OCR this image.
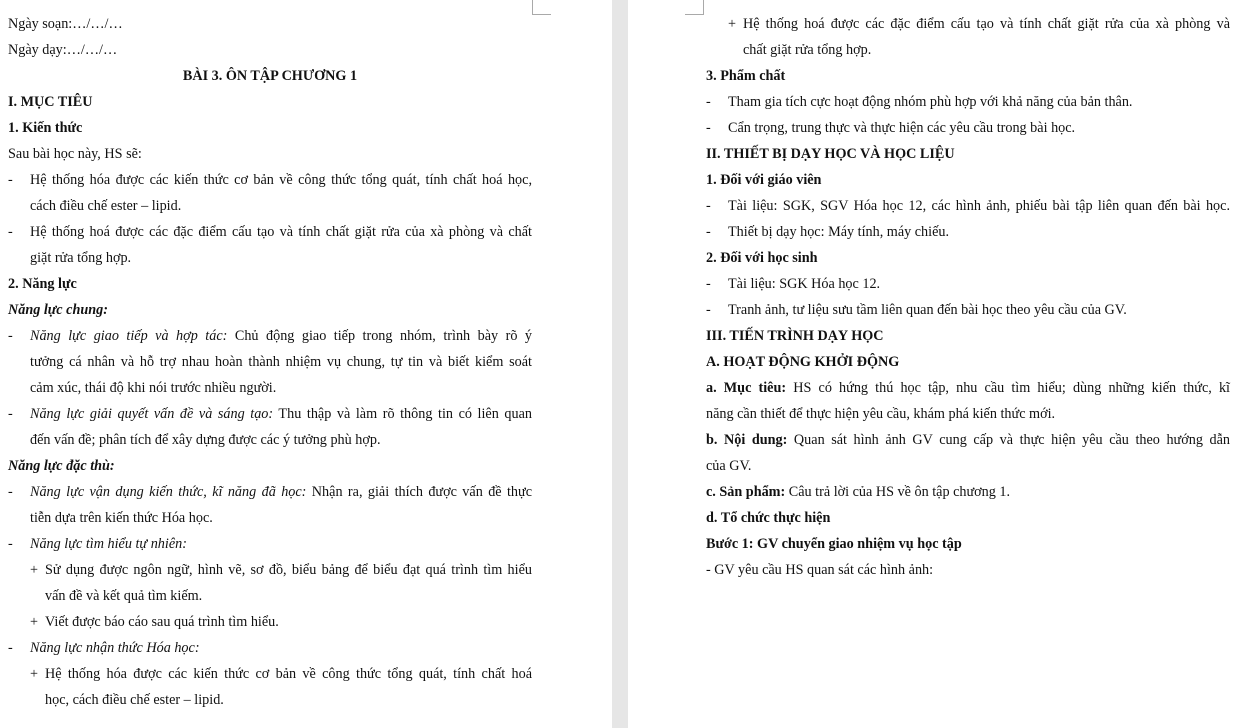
Ngày soạn:…/…/…
Ngày dạy:…/…/…
BÀI 3. ÔN TẬP CHƯƠNG 1
I. MỤC TIÊU
1. Kiến thức
Sau bài học này, HS sẽ:
- Hệ thống hóa được các kiến thức cơ bản về công thức tổng quát, tính chất hoá học,
cách điều chế ester – lipid.
- Hệ thống hoá được các đặc điểm cấu tạo và tính chất giặt rửa của xà phòng và chất
giặt rửa tổng hợp.
2. Năng lực
Năng lực chung:
- Năng lực giao tiếp và hợp tác: Chủ động giao tiếp trong nhóm, trình bày rõ ý
tưởng cá nhân và hỗ trợ nhau hoàn thành nhiệm vụ chung, tự tin và biết kiểm soát
cảm xúc, thái độ khi nói trước nhiều người.
- Năng lực giải quyết vấn đề và sáng tạo: Thu thập và làm rõ thông tin có liên quan
đến vấn đề; phân tích để xây dựng được các ý tưởng phù hợp.
Năng lực đặc thù:
- Năng lực vận dụng kiến thức, kĩ năng đã học: Nhận ra, giải thích được vấn đề thực
tiễn dựa trên kiến thức Hóa học.
- Năng lực tìm hiểu tự nhiên:
+ Sử dụng được ngôn ngữ, hình vẽ, sơ đồ, biểu bảng để biểu đạt quá trình tìm hiểu
vấn đề và kết quả tìm kiếm.
+ Viết được báo cáo sau quá trình tìm hiểu.
- Năng lực nhận thức Hóa học:
+ Hệ thống hóa được các kiến thức cơ bản về công thức tổng quát, tính chất hoá
học, cách điều chế ester – lipid.
+ Hệ thống hoá được các đặc điểm cấu tạo và tính chất giặt rửa của xà phòng và
chất giặt rửa tổng hợp.
3. Phẩm chất
- Tham gia tích cực hoạt động nhóm phù hợp với khả năng của bản thân.
- Cẩn trọng, trung thực và thực hiện các yêu cầu trong bài học.
II. THIẾT BỊ DẠY HỌC VÀ HỌC LIỆU
1. Đối với giáo viên
- Tài liệu: SGK, SGV Hóa học 12, các hình ảnh, phiếu bài tập liên quan đến bài học.
- Thiết bị dạy học: Máy tính, máy chiếu.
2. Đối với học sinh
- Tài liệu: SGK Hóa học 12.
- Tranh ảnh, tư liệu sưu tầm liên quan đến bài học theo yêu cầu của GV.
III. TIẾN TRÌNH DẠY HỌC
A. HOẠT ĐỘNG KHỞI ĐỘNG
a. Mục tiêu: HS có hứng thú học tập, nhu cầu tìm hiểu; dùng những kiến thức, kĩ
năng cần thiết để thực hiện yêu cầu, khám phá kiến thức mới.
b. Nội dung: Quan sát hình ảnh GV cung cấp và thực hiện yêu cầu theo hướng dẫn
của GV.
c. Sản phẩm: Câu trả lời của HS về ôn tập chương 1.
d. Tổ chức thực hiện
Bước 1: GV chuyển giao nhiệm vụ học tập
- GV yêu cầu HS quan sát các hình ảnh:
